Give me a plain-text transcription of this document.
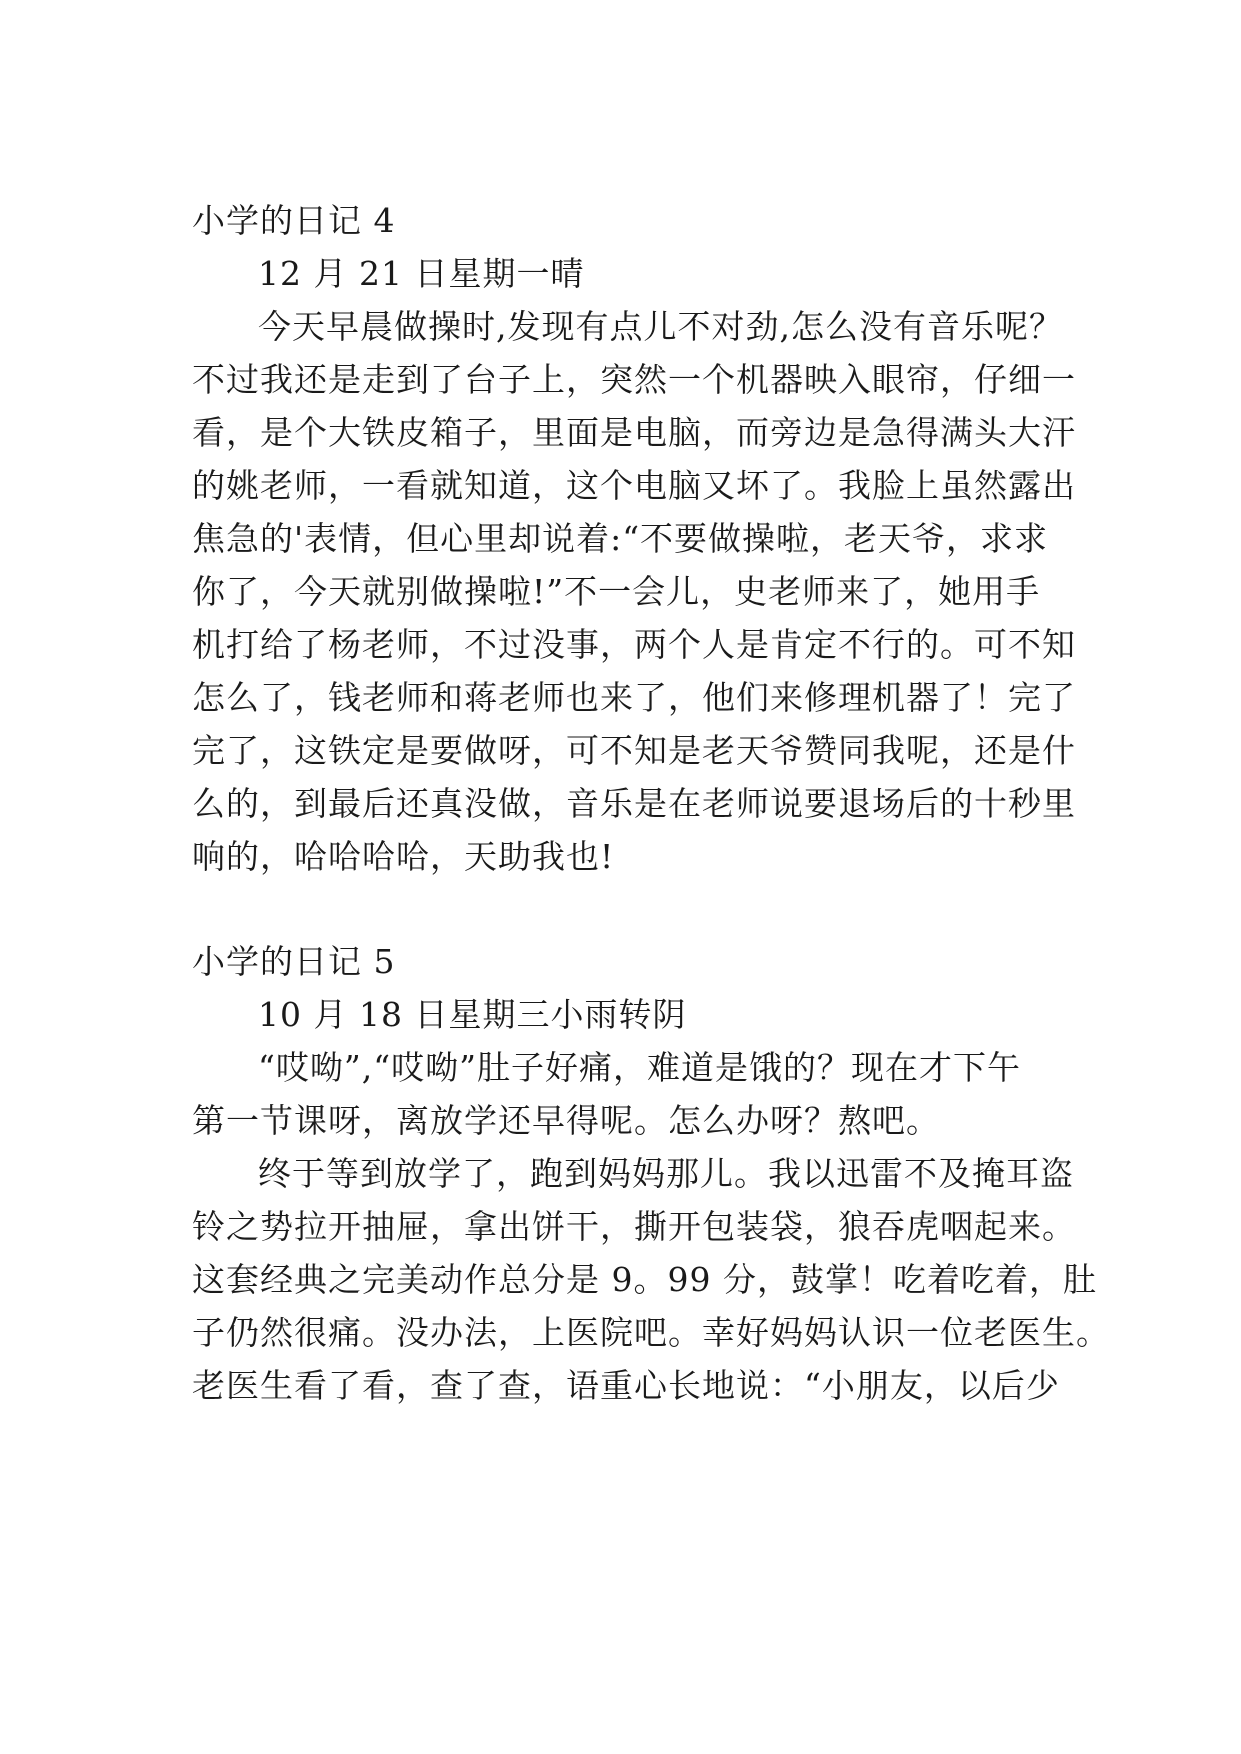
小学的日记 4
12 月 21 日星期一晴
今天早晨做操时,发现有点儿不对劲,怎么没有音乐呢？
不过我还是走到了台子上，突然一个机器映入眼帘，仔细一
看，是个大铁皮箱子，里面是电脑，而旁边是急得满头大汗
的姚老师，一看就知道，这个电脑又坏了。我脸上虽然露出
焦急的'表情，但心里却说着:“不要做操啦，老天爷，求求
你了，今天就别做操啦!”不一会儿，史老师来了，她用手
机打给了杨老师，不过没事，两个人是肯定不行的。可不知
怎么了，钱老师和蒋老师也来了，他们来修理机器了！完了
完了，这铁定是要做呀，可不知是老天爷赞同我呢，还是什
么的，到最后还真没做，音乐是在老师说要退场后的十秒里
响的，哈哈哈哈，天助我也!
小学的日记 5
10 月 18 日星期三小雨转阴
“哎呦”,“哎呦”肚子好痛，难道是饿的？现在才下午
第一节课呀，离放学还早得呢。怎么办呀？熬吧。
终于等到放学了，跑到妈妈那儿。我以迅雷不及掩耳盗
铃之势拉开抽屉，拿出饼干，撕开包装袋，狼吞虎咽起来。
这套经典之完美动作总分是 9。99 分，鼓掌！吃着吃着，肚
子仍然很痛。没办法，上医院吧。幸好妈妈认识一位老医生。
老医生看了看，查了查，语重心长地说：“小朋友，以后少
